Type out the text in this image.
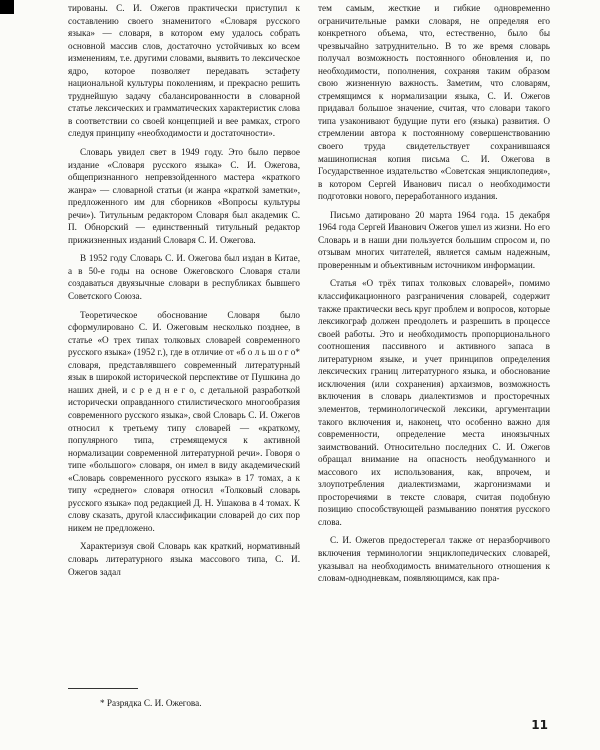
тированы. С. И. Ожегов практически приступил к составлению своего знаменитого «Словаря русского языка» — словаря, в котором ему удалось собрать основной массив слов, достаточно устойчивых ко всем изменениям, т.е. другими словами, выявить то лексическое ядро, которое позволяет передавать эстафету национальной культуры поколениям, и прекрасно решить труднейшую задачу сбалансированности в словарной статье лексических и грамматических характеристик слова в соответствии со своей концепцией и вее рамках, строго следуя принципу «необходимости и достаточности».

Словарь увидел свет в 1949 году. Это было первое издание «Словаря русского языка» С. И. Ожегова, общепризнанного непревзойденного мастера «краткого жанра» — словарной статьи (и жанра «краткой заметки», предложенного им для сборников «Вопросы культуры речи»). Титульным редактором Словаря был академик С. П. Обнорский — единственный титульный редактор прижизненных изданий Словаря С. И. Ожегова.

В 1952 году Словарь С. И. Ожегова был издан в Китае, а в 50-е годы на основе Ожеговского Словаря стали создаваться двуязычные словари в республиках бывшего Советского Союза.

Теоретическое обоснование Словаря было сформулировано С. И. Ожеговым несколько позднее, в статье «О трех типах толковых словарей современного русского языка» (1952 г.), где в отличие от «б о л ь ш о г о* словаря, представлявшего современный литературный язык в широкой исторической перспективе от Пушкина до наших дней, и с р е д н е г о, с детальной разработкой исторически оправданного стилистического многообразия современного русского языка», свой Словарь С. И. Ожегов относил к третьему типу словарей — «краткому, популярного типа, стремящемуся к активной нормализации современной литературной речи». Говоря о типе «большого» словаря, он имел в виду академический «Словарь современного русского языка» в 17 томах, а к типу «среднего» словаря относил «Толковый словарь русского языка» под редакцией Д. Н. Ушакова в 4 томах. К слову сказать, другой классификации словарей до сих пор никем не предложено.

Характеризуя свой Словарь как краткий, нормативный словарь литературного языка массового типа, С. И. Ожегов задал

тем самым, жесткие и гибкие одновременно ограничительные рамки словаря, не определяя его конкретного объема, что, естественно, было бы чрезвычайно затруднительно. В то же время словарь получал возможность постоянного обновления и, по необходимости, пополнения, сохраняя таким образом свою жизненную важность. Заметим, что словарям, стремящимся к нормализации языка, С. И. Ожегов придавал большое значение, считая, что словари такого типа узаконивают будущие пути его (языка) развития. О стремлении автора к постоянному совершенствованию своего труда свидетельствует сохранившаяся машинописная копия письма С. И. Ожегова в Государственное издательство «Советская энциклопедия», в котором Сергей Иванович писал о необходимости подготовки нового, переработанного издания.

Письмо датировано 20 марта 1964 года. 15 декабря 1964 года Сергей Иванович Ожегов ушел из жизни. Но его Словарь и в наши дни пользуется большим спросом и, по отзывам многих читателей, является самым надежным, проверенным и объективным источником информации.

Статья «О трёх типах толковых словарей», помимо классификационного разграничения словарей, содержит также практически весь круг проблем и вопросов, которые лексикограф должен преодолеть и разрешить в процессе своей работы. Это и необходимость пропорционального соотношения пассивного и активного запаса в литературном языке, и учет принципов определения лексических границ литературного языка, и обоснование исключения (или сохранения) архаизмов, возможность включения в словарь диалектизмов и просторечных элементов, терминологической лексики, аргументации такого включения и, наконец, что особенно важно для современности, определение места иноязычных заимствований. Относительно последних С. И. Ожегов обращал внимание на опасность необдуманного и массового их использования, как, впрочем, и злоупотребления диалектизмами, жаргонизмами и просторечиями в тексте словаря, считая подобную позицию способствующей размыванию понятия русского слова.

С. И. Ожегов предостерегал также от неразборчивого включения терминологии энциклопедических словарей, указывал на необходимость внимательного отношения к словам-однодневкам, появляющимся, как пра-

* Разрядка С. И. Ожегова.
11
